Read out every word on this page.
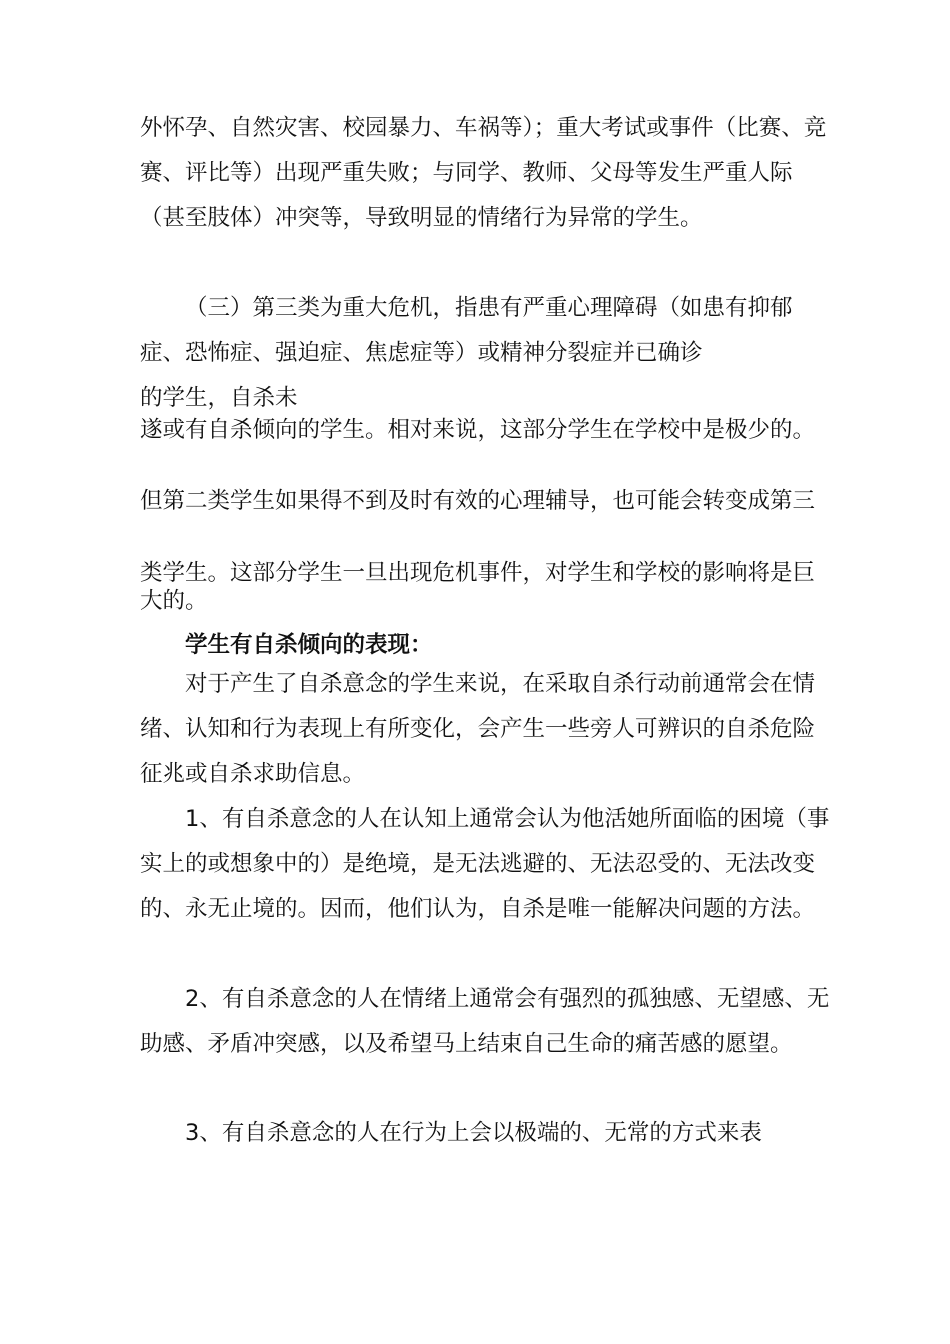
外怀孕、自然灾害、校园暴力、车祸等）；重大考试或事件（比赛、竞赛、评比等）出现严重失败；与同学、教师、父母等发生严重人际（甚至肢体）冲突等，导致明显的情绪行为异常的学生。
（三）第三类为重大危机，指患有严重心理障碍（如患有抑郁症、恐怖症、强迫症、焦虑症等）或精神分裂症并已确诊
的学生，自杀未
遂或有自杀倾向的学生。相对来说，这部分学生在学校中是极少的。
但第二类学生如果得不到及时有效的心理辅导，也可能会转变成第三
类学生。这部分学生一旦出现危机事件，对学生和学校的影响将是巨大的。
学生有自杀倾向的表现：
对于产生了自杀意念的学生来说，在采取自杀行动前通常会在情绪、认知和行为表现上有所变化，会产生一些旁人可辨识的自杀危险征兆或自杀求助信息。
1、有自杀意念的人在认知上通常会认为他活她所面临的困境（事实上的或想象中的）是绝境，是无法逃避的、无法忍受的、无法改变的、永无止境的。因而，他们认为，自杀是唯一能解决问题的方法。
2、有自杀意念的人在情绪上通常会有强烈的孤独感、无望感、无助感、矛盾冲突感，以及希望马上结束自己生命的痛苦感的愿望。
3、有自杀意念的人在行为上会以极端的、无常的方式来表
